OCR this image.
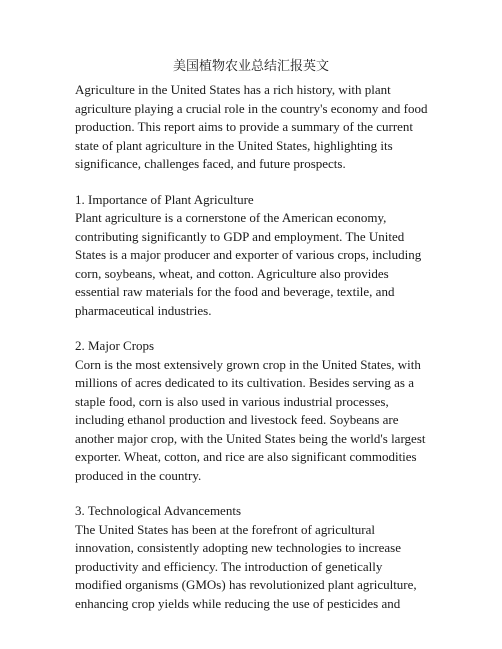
美国植物农业总结汇报英文

Agriculture in the United States has a rich history, with plant agriculture playing a crucial role in the country's economy and food production. This report aims to provide a summary of the current state of plant agriculture in the United States, highlighting its significance, challenges faced, and future prospects.

1. Importance of Plant Agriculture

Plant agriculture is a cornerstone of the American economy, contributing significantly to GDP and employment. The United States is a major producer and exporter of various crops, including corn, soybeans, wheat, and cotton. Agriculture also provides essential raw materials for the food and beverage, textile, and pharmaceutical industries.

2. Major Crops

Corn is the most extensively grown crop in the United States, with millions of acres dedicated to its cultivation. Besides serving as a staple food, corn is also used in various industrial processes, including ethanol production and livestock feed. Soybeans are another major crop, with the United States being the world's largest exporter. Wheat, cotton, and rice are also significant commodities produced in the country.

3. Technological Advancements

The United States has been at the forefront of agricultural innovation, consistently adopting new technologies to increase productivity and efficiency. The introduction of genetically modified organisms (GMOs) has revolutionized plant agriculture, enhancing crop yields while reducing the use of pesticides and
